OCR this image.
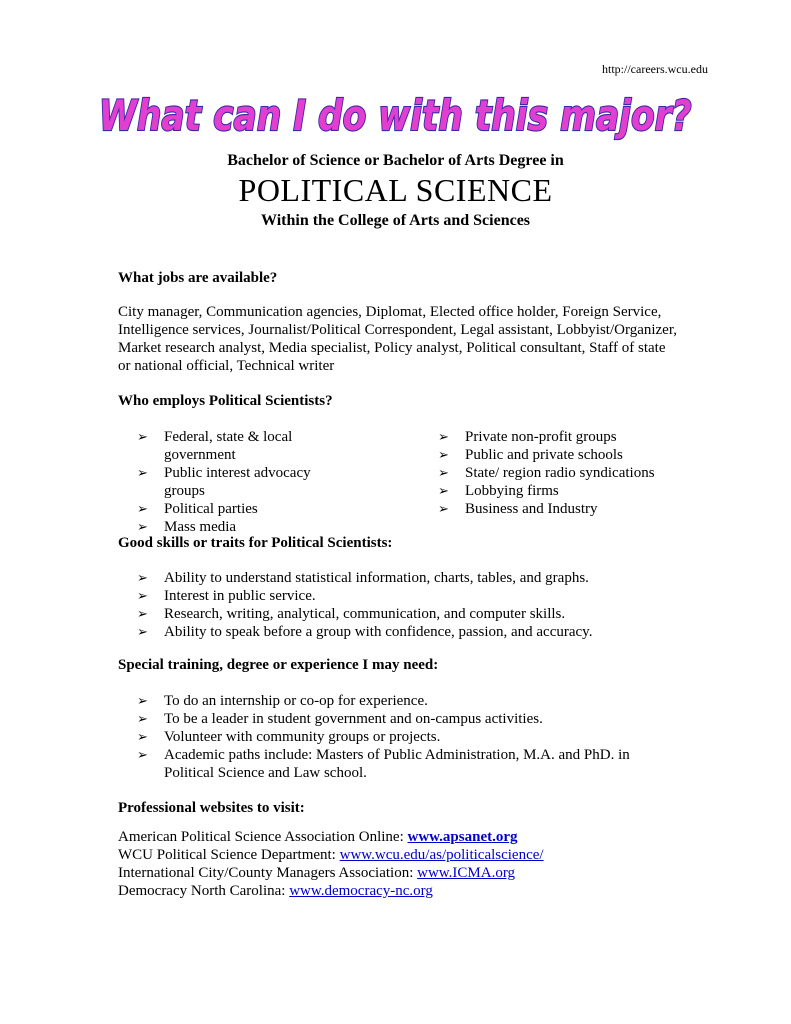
http://careers.wcu.edu
What can I do with this major?
Bachelor of Science or Bachelor of Arts Degree in
POLITICAL SCIENCE
Within the College of Arts and Sciences
What jobs are available?
City manager, Communication agencies, Diplomat, Elected office holder, Foreign Service, Intelligence services, Journalist/Political Correspondent, Legal assistant, Lobbyist/Organizer, Market research analyst, Media specialist, Policy analyst, Political consultant, Staff of state or national official, Technical writer
Who employs Political Scientists?
➢ Federal, state & local government
➢ Public interest advocacy groups
➢ Political parties
➢ Mass media
➢ Private non-profit groups
➢ Public and private schools
➢ State/ region radio syndications
➢ Lobbying firms
➢ Business and Industry
Good skills or traits for Political Scientists:
➢ Ability to understand statistical information, charts, tables, and graphs.
➢ Interest in public service.
➢ Research, writing, analytical, communication, and computer skills.
➢ Ability to speak before a group with confidence, passion, and accuracy.
Special training, degree or experience I may need:
➢ To do an internship or co-op for experience.
➢ To be a leader in student government and on-campus activities.
➢ Volunteer with community groups or projects.
➢ Academic paths include: Masters of Public Administration, M.A. and PhD. in Political Science and Law school.
Professional websites to visit:
American Political Science Association Online: www.apsanet.org
WCU Political Science Department: www.wcu.edu/as/politicalscience/
International City/County Managers Association: www.ICMA.org
Democracy North Carolina: www.democracy-nc.org
